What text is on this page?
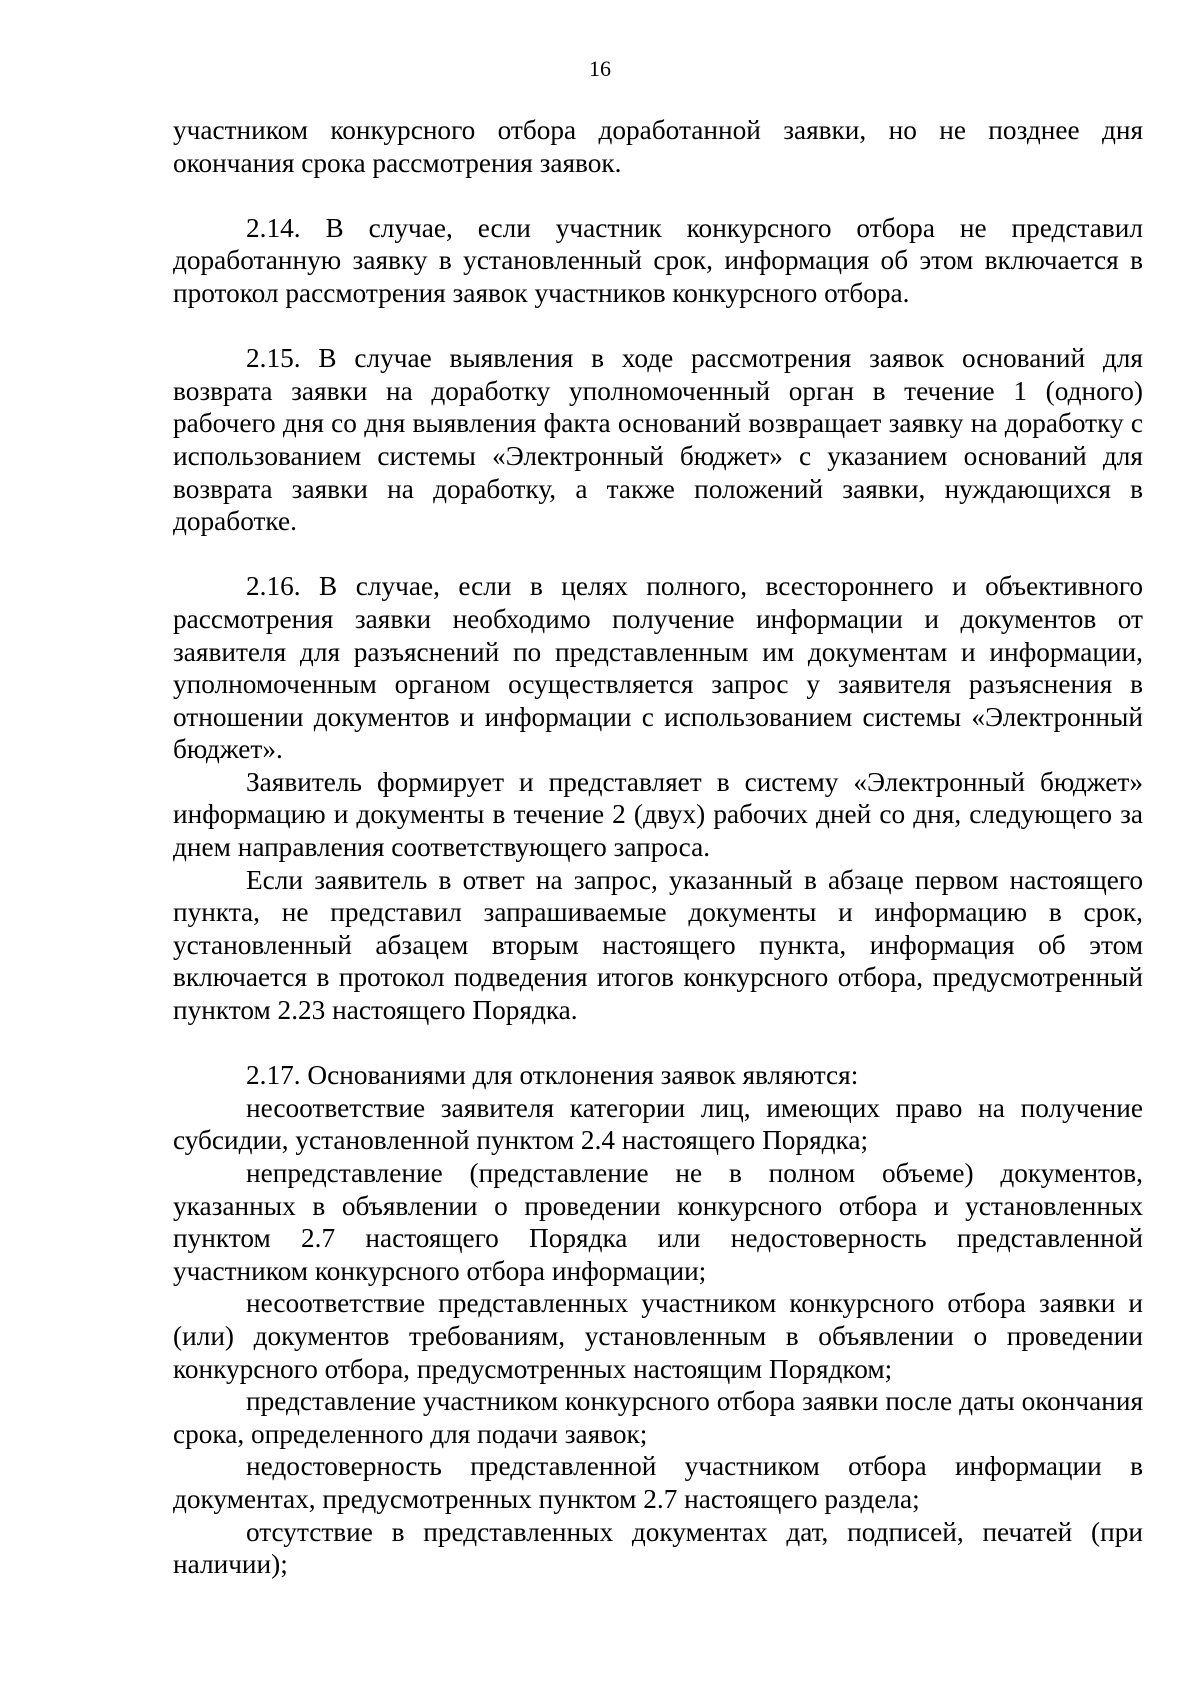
16

участником конкурсного отбора доработанной заявки, но не позднее дня окончания срока рассмотрения заявок.

2.14. В случае, если участник конкурсного отбора не представил доработанную заявку в установленный срок, информация об этом включается в протокол рассмотрения заявок участников конкурсного отбора.

2.15. В случае выявления в ходе рассмотрения заявок оснований для возврата заявки на доработку уполномоченный орган в течение 1 (одного) рабочего дня со дня выявления факта оснований возвращает заявку на доработку с использованием системы «Электронный бюджет» с указанием оснований для возврата заявки на доработку, а также положений заявки, нуждающихся в доработке.

2.16. В случае, если в целях полного, всестороннего и объективного рассмотрения заявки необходимо получение информации и документов от заявителя для разъяснений по представленным им документам и информации, уполномоченным органом осуществляется запрос у заявителя разъяснения в отношении документов и информации с использованием системы «Электронный бюджет».

Заявитель формирует и представляет в систему «Электронный бюджет» информацию и документы в течение 2 (двух) рабочих дней со дня, следующего за днем направления соответствующего запроса.

Если заявитель в ответ на запрос, указанный в абзаце первом настоящего пункта, не представил запрашиваемые документы и информацию в срок, установленный абзацем вторым настоящего пункта, информация об этом включается в протокол подведения итогов конкурсного отбора, предусмотренный пунктом 2.23 настоящего Порядка.

2.17. Основаниями для отклонения заявок являются:

несоответствие заявителя категории лиц, имеющих право на получение субсидии, установленной пунктом 2.4 настоящего Порядка;

непредставление (представление не в полном объеме) документов, указанных в объявлении о проведении конкурсного отбора и установленных пунктом 2.7 настоящего Порядка или недостоверность представленной участником конкурсного отбора информации;

несоответствие представленных участником конкурсного отбора заявки и (или) документов требованиям, установленным в объявлении о проведении конкурсного отбора, предусмотренных настоящим Порядком;

представление участником конкурсного отбора заявки после даты окончания срока, определенного для подачи заявок;

недостоверность представленной участником отбора информации в документах, предусмотренных пунктом 2.7 настоящего раздела;

отсутствие в представленных документах дат, подписей, печатей (при наличии);
